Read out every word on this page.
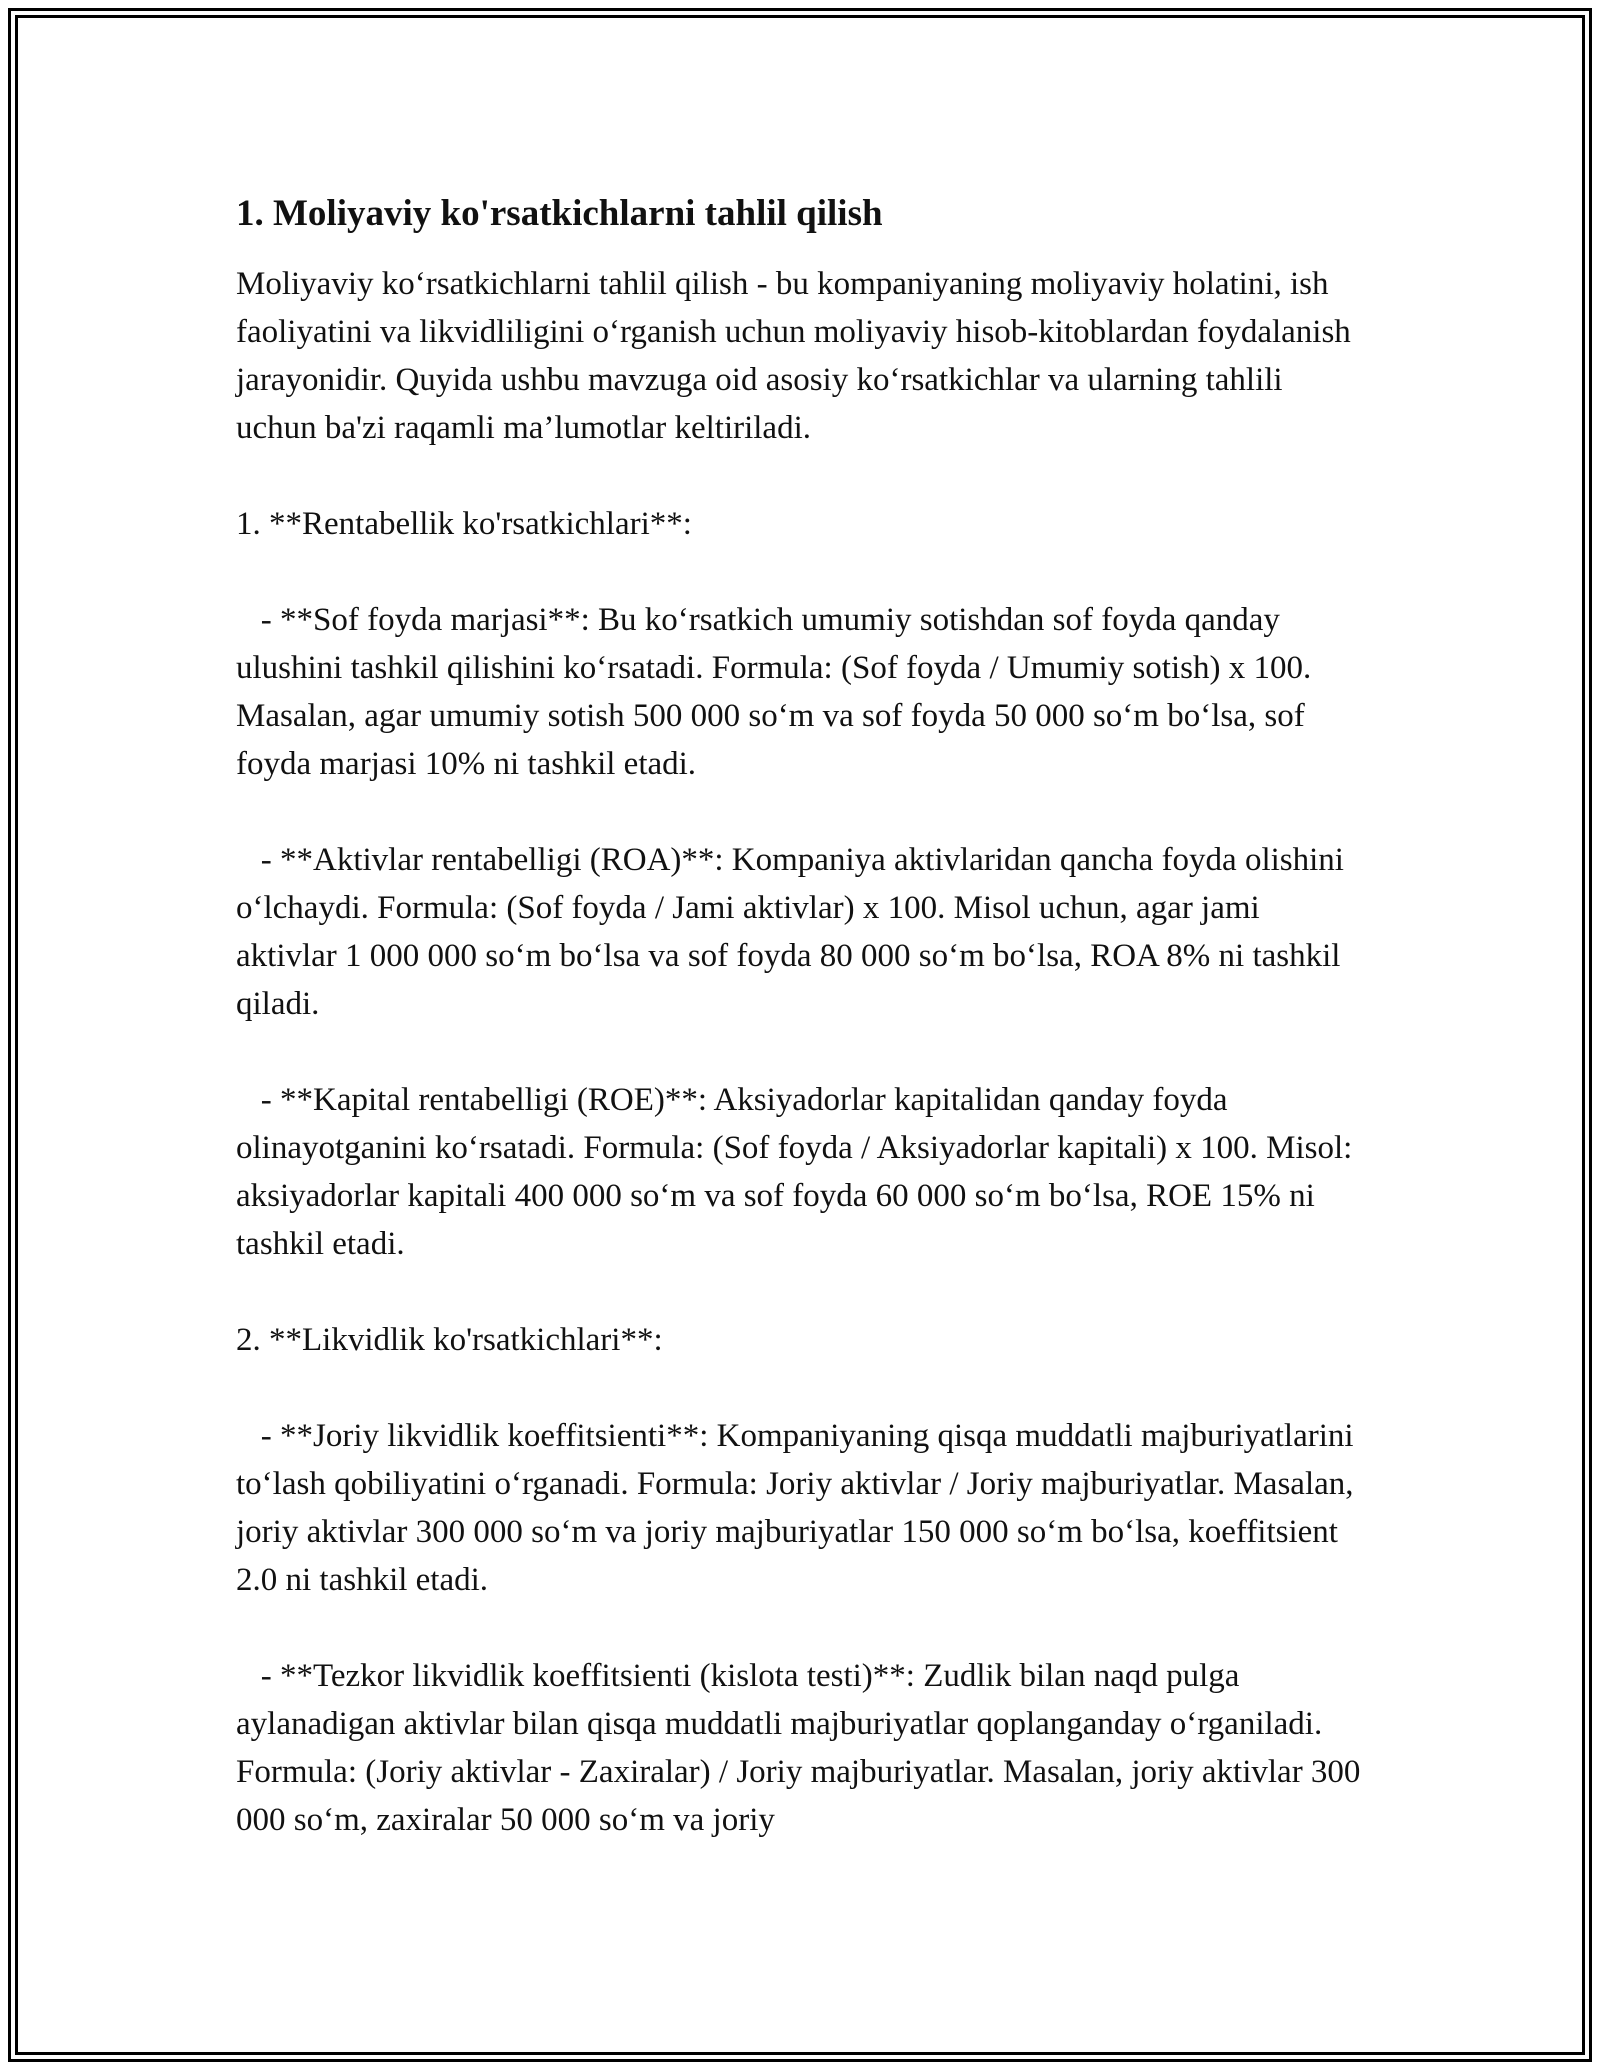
1. Moliyaviy ko'rsatkichlarni tahlil qilish

Moliyaviy ko‘rsatkichlarni tahlil qilish - bu kompaniyaning moliyaviy holatini, ish faoliyatini va likvidliligini o‘rganish uchun moliyaviy hisob-kitoblardan foydalanish jarayonidir. Quyida ushbu mavzuga oid asosiy ko‘rsatkichlar va ularning tahlili uchun ba'zi raqamli ma’lumotlar keltiriladi.

1. **Rentabellik ko'rsatkichlari**:

- **Sof foyda marjasi**: Bu ko‘rsatkich umumiy sotishdan sof foyda qanday ulushini tashkil qilishini ko‘rsatadi. Formula: (Sof foyda / Umumiy sotish) x 100. Masalan, agar umumiy sotish 500 000 so‘m va sof foyda 50 000 so‘m bo‘lsa, sof foyda marjasi 10% ni tashkil etadi.

- **Aktivlar rentabelligi (ROA)**: Kompaniya aktivlaridan qancha foyda olishini o‘lchaydi. Formula: (Sof foyda / Jami aktivlar) x 100. Misol uchun, agar jami aktivlar 1 000 000 so‘m bo‘lsa va sof foyda 80 000 so‘m bo‘lsa, ROA 8% ni tashkil qiladi.

- **Kapital rentabelligi (ROE)**: Aksiyadorlar kapitalidan qanday foyda olinayotganini ko‘rsatadi. Formula: (Sof foyda / Aksiyadorlar kapitali) x 100. Misol: aksiyadorlar kapitali 400 000 so‘m va sof foyda 60 000 so‘m bo‘lsa, ROE 15% ni tashkil etadi.

2. **Likvidlik ko'rsatkichlari**:

- **Joriy likvidlik koeffitsienti**: Kompaniyaning qisqa muddatli majburiyatlarini to‘lash qobiliyatini o‘rganadi. Formula: Joriy aktivlar / Joriy majburiyatlar. Masalan, joriy aktivlar 300 000 so‘m va joriy majburiyatlar 150 000 so‘m bo‘lsa, koeffitsient 2.0 ni tashkil etadi.

- **Tezkor likvidlik koeffitsienti (kislota testi)**: Zudlik bilan naqd pulga aylanadigan aktivlar bilan qisqa muddatli majburiyatlar qoplanganday o‘rganiladi. Formula: (Joriy aktivlar - Zaxiralar) / Joriy majburiyatlar. Masalan, joriy aktivlar 300 000 so‘m, zaxiralar 50 000 so‘m va joriy
